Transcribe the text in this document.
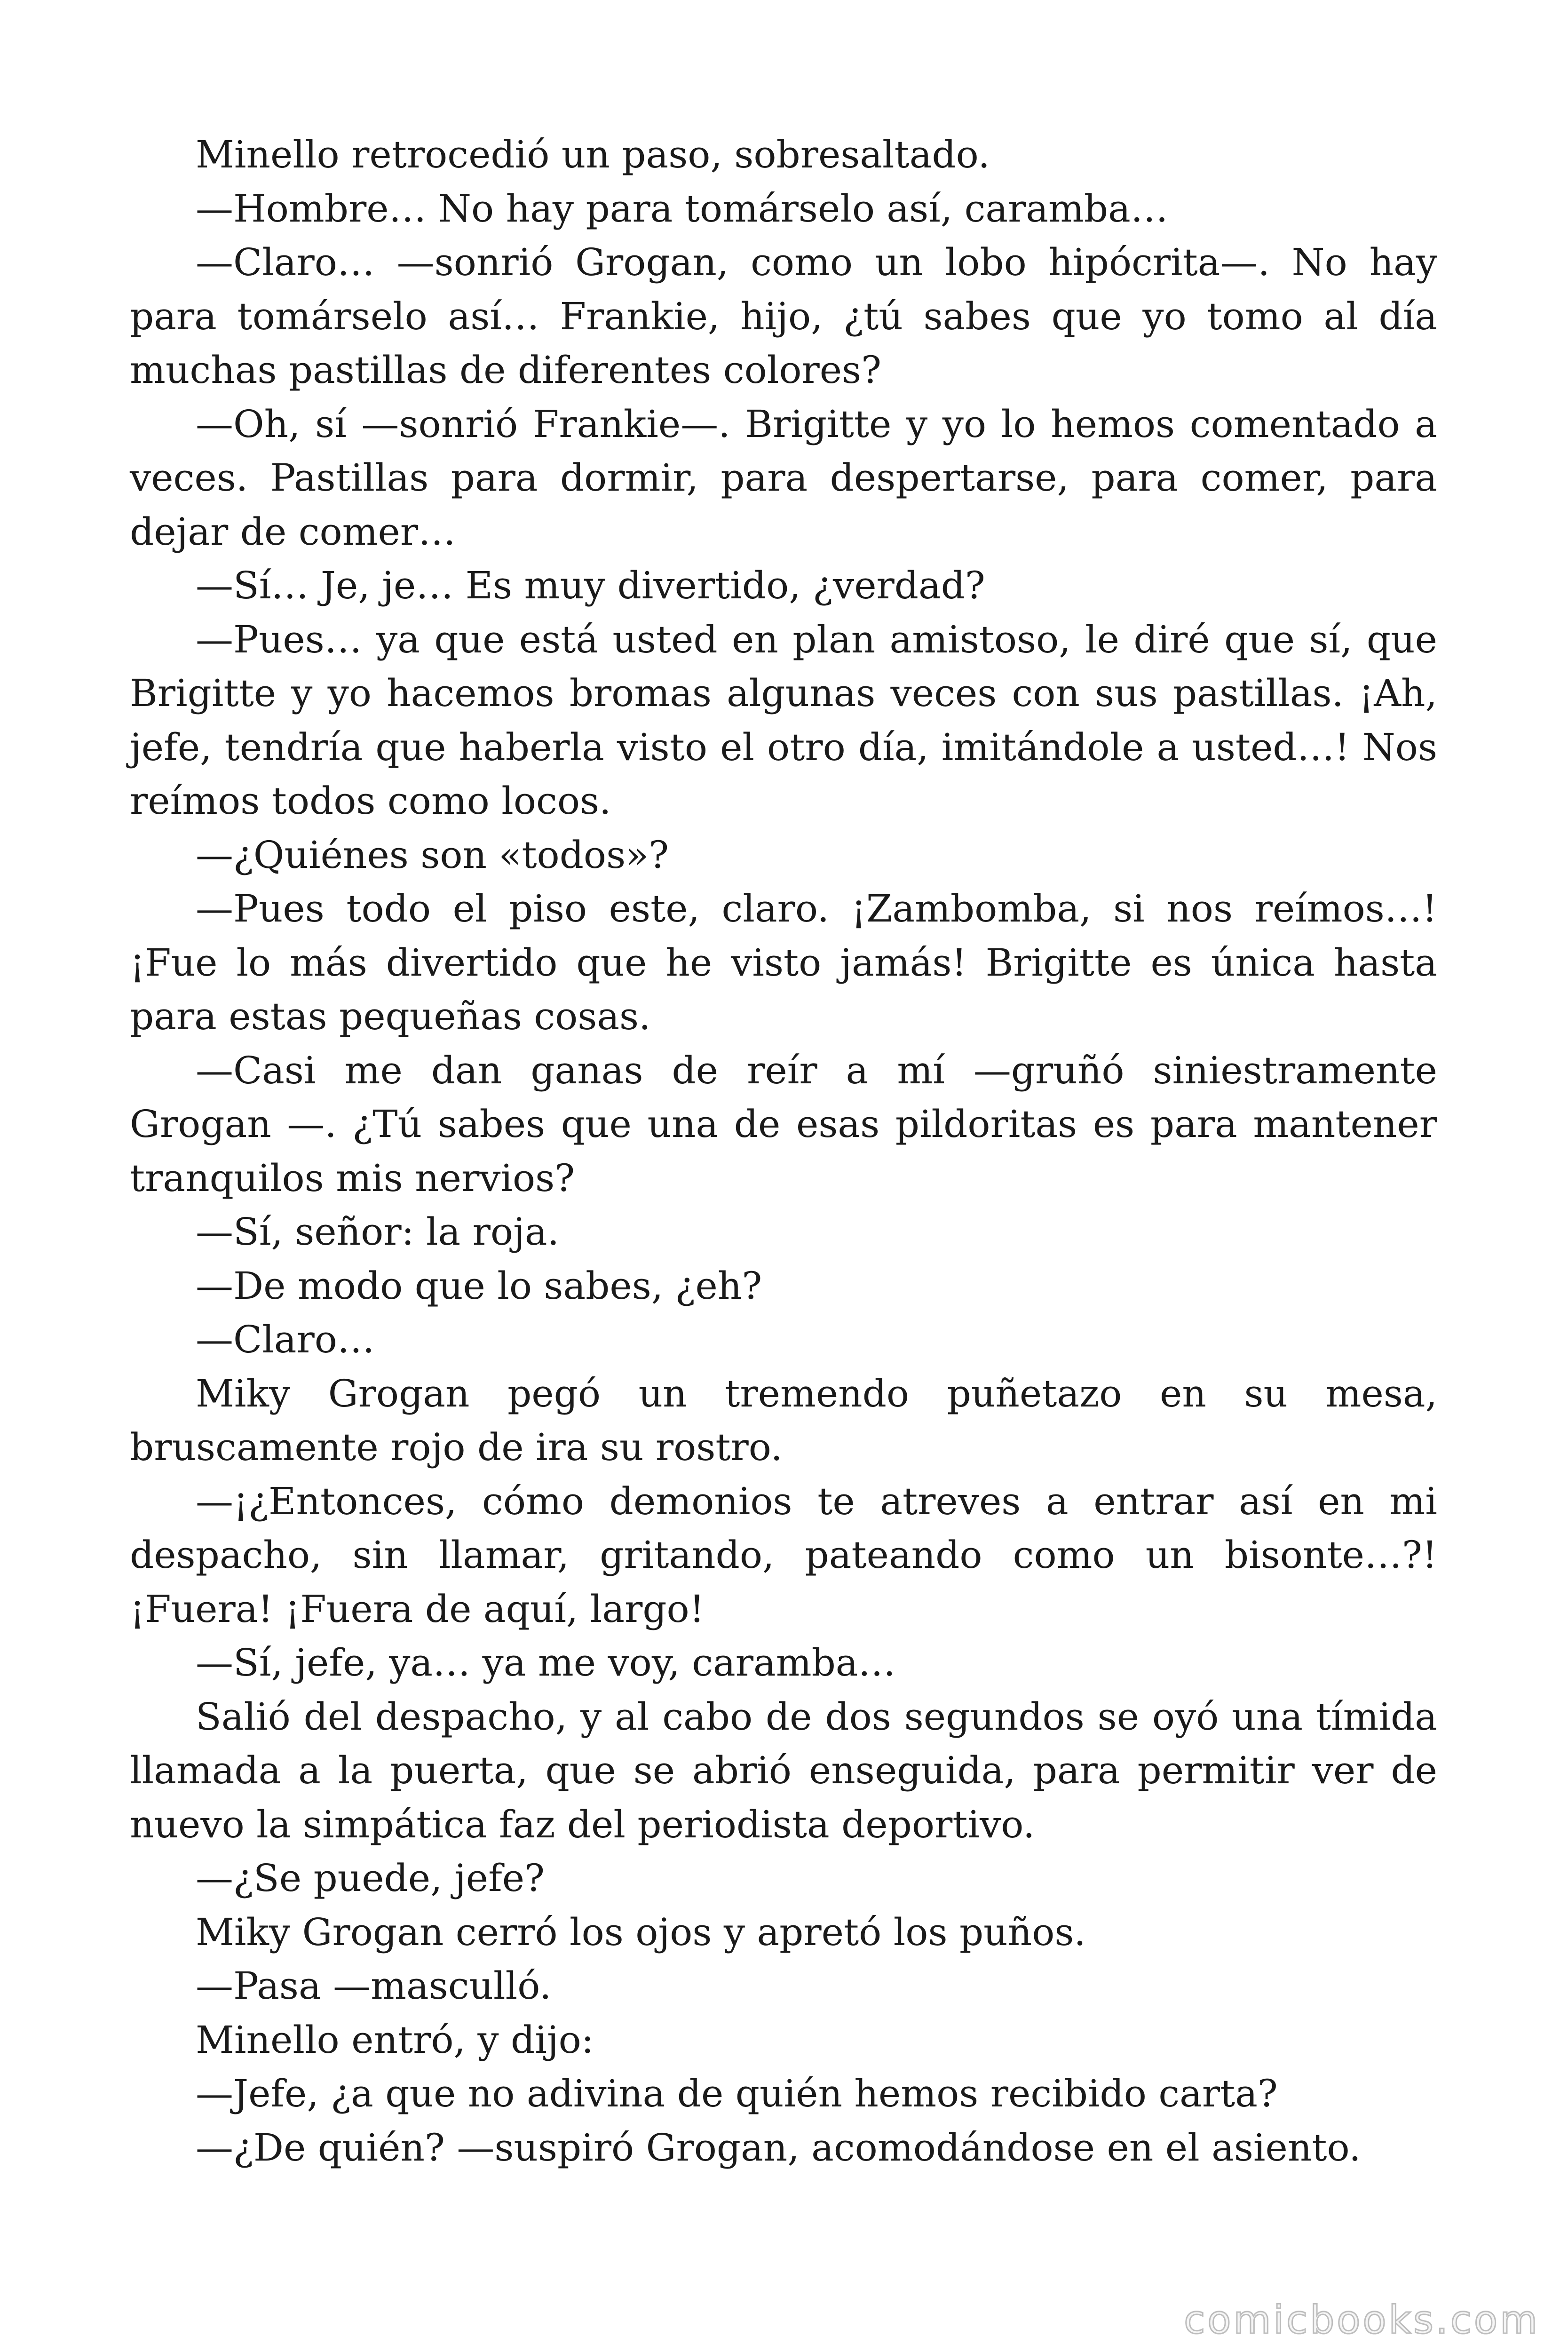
Minello retrocedió un paso, sobresaltado.

—Hombre… No hay para tomárselo así, caramba…

—Claro… —sonrió Grogan, como un lobo hipócrita—. No hay para tomárselo así… Frankie, hijo, ¿tú sabes que yo tomo al día muchas pastillas de diferentes colores?

—Oh, sí —sonrió Frankie—. Brigitte y yo lo hemos comentado a veces. Pastillas para dormir, para despertarse, para comer, para dejar de comer…

—Sí… Je, je… Es muy divertido, ¿verdad?

—Pues… ya que está usted en plan amistoso, le diré que sí, que Brigitte y yo hacemos bromas algunas veces con sus pastillas. ¡Ah, jefe, tendría que haberla visto el otro día, imitándole a usted…! Nos reímos todos como locos.

—¿Quiénes son «todos»?

—Pues todo el piso este, claro. ¡Zambomba, si nos reímos…! ¡Fue lo más divertido que he visto jamás! Brigitte es única hasta para estas pequeñas cosas.

—Casi me dan ganas de reír a mí —gruñó siniestramente Grogan —. ¿Tú sabes que una de esas pildoritas es para mantener tranquilos mis nervios?

—Sí, señor: la roja.

—De modo que lo sabes, ¿eh?

—Claro…

Miky Grogan pegó un tremendo puñetazo en su mesa, bruscamente rojo de ira su rostro.

—¡¿Entonces, cómo demonios te atreves a entrar así en mi despacho, sin llamar, gritando, pateando como un bisonte…?! ¡Fuera! ¡Fuera de aquí, largo!

—Sí, jefe, ya… ya me voy, caramba…

Salió del despacho, y al cabo de dos segundos se oyó una tímida llamada a la puerta, que se abrió enseguida, para permitir ver de nuevo la simpática faz del periodista deportivo.

—¿Se puede, jefe?

Miky Grogan cerró los ojos y apretó los puños.

—Pasa —masculló.

Minello entró, y dijo:

—Jefe, ¿a que no adivina de quién hemos recibido carta?

—¿De quién? —suspiró Grogan, acomodándose en el asiento.

comicbooks.com
